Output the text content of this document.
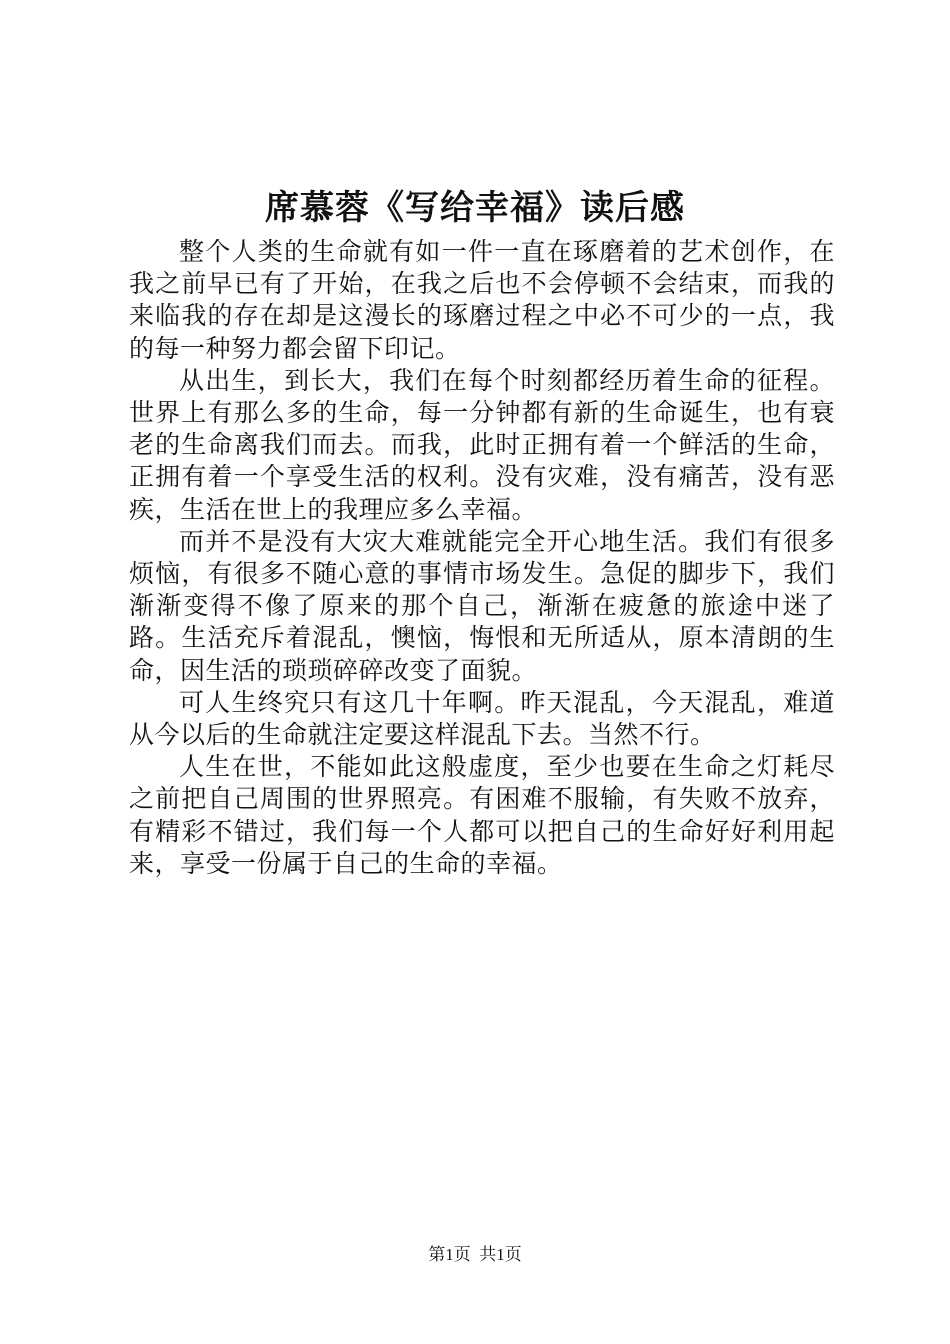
席慕蓉《写给幸福》读后感

整个人类的生命就有如一件一直在琢磨着的艺术创作，在我之前早已有了开始，在我之后也不会停顿不会结束，而我的来临我的存在却是这漫长的琢磨过程之中必不可少的一点，我的每一种努力都会留下印记。

从出生，到长大，我们在每个时刻都经历着生命的征程。世界上有那么多的生命，每一分钟都有新的生命诞生，也有衰老的生命离我们而去。而我，此时正拥有着一个鲜活的生命，正拥有着一个享受生活的权利。没有灾难，没有痛苦，没有恶疾，生活在世上的我理应多么幸福。

而并不是没有大灾大难就能完全开心地生活。我们有很多烦恼，有很多不随心意的事情市场发生。急促的脚步下，我们渐渐变得不像了原来的那个自己，渐渐在疲惫的旅途中迷了路。生活充斥着混乱，懊恼，悔恨和无所适从，原本清朗的生命，因生活的琐琐碎碎改变了面貌。

可人生终究只有这几十年啊。昨天混乱，今天混乱，难道从今以后的生命就注定要这样混乱下去。当然不行。

人生在世，不能如此这般虚度，至少也要在生命之灯耗尽之前把自己周围的世界照亮。有困难不服输，有失败不放弃，有精彩不错过，我们每一个人都可以把自己的生命好好利用起来，享受一份属于自己的生命的幸福。

第1页  共1页
